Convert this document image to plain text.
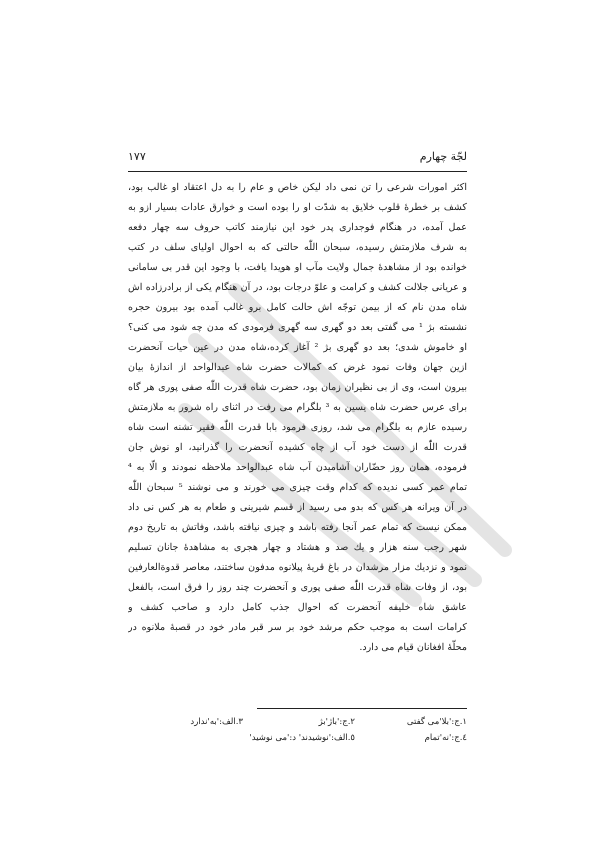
لجّة چهارم
١٧٧
اکثر امورات شرعی را تن نمی داد لیکن خاص و عام را به دل اعتقاد او غالب بود،
کشف بر خطرهٔ قلوب خلایق به شدّت او را بوده است و خوارق عادات بسیار ازو به
عمل آمده، در هنگام فوجداری پدر خود این نیازمند کاتب حروف سه چهار دفعه
به شرف ملازمتش رسیده، سبحان اللّٰه حالتی که به احوال اولیای سلف در کتب
خوانده بود از مشاهدهٔ جمال ولایت مآب او هویدا یافت، با وجود این قدر بی سامانی
و عریانی جلالت کشف و کرامت و علوّ درجات بود، در آن هنگام یکی از برادرزاده اش
شاه مدن نام که از بیمن توجّه اش حالت کامل برو غالب آمده بود بیرون حجره
نشسته بژ ¹ می گفتی بعد دو گهری سه گهری فرمودی که مدن چه شود می کنی؟
او خاموش شدی؛ بعد دو گهری بژ ² آغاز کرده،شاه مدن در عین حیات آنحضرت
ازین جهان وفات نمود غرض که کمالات حضرت شاه عبدالواحد از اندازهٔ بیان
بیرون است، وی از بی نظیران زمان بود، حضرت شاه قدرت اللّٰه صفی پوری هر گاه
برای عرس حضرت شاه یسین به ³ بلگرام می رفت در اثنای راه شرور به ملازمتش
رسیده عازم به بلگرام می شد، روزی فرمود بابا قدرت اللّٰه فقیر تشنه است شاه
قدرت اللّٰه از دست خود آب از چاه کشیده آنحضرت را گذرانید، او نوش جان
فرموده، همان روز حضّاران آشامیدن آب شاه عبدالواحد ملاحظه نمودند و الّا به ⁴
تمام عمر کسی ندیده که کدام وقت چیزی می خورند و می نوشند ⁵ سبحان اللّٰه
در آن ویرانه هر کس که بدو می رسید از قسم شیرینی و طعام به هر کس نی داد
ممکن نیست که تمام عمر آنجا رفته باشد و چیزی نیافته باشد، وفاتش به تاریخ دوم
شهر رجب سنه هزار و یك صد و هشتاد و چهار هجری به مشاهدهٔ جانان تسلیم
نمود و نزدیك مزار مرشدان در باغ قریهٔ پیلانوه مدفون ساختند، معاصر قدوةالعارفین
بود، از وفات شاه قدرت اللّٰه صفی پوری و آنحضرت چند روز را فرق است، بالفعل
عاشق شاه خلیفه آنحضرت که احوال جذب کامل دارد و صاحب کشف و
کرامات است به موجب حکم مرشد خود بر سر قبر مادر خود در قصبهٔ ملانوه در
محلّهٔ افغانان قیام می دارد.
١.ج:'بلا'می گفتی
٢.ج:'باژ'بژ
٣.الف:'به'ندارد
٤.ج:'نه'تمام
٥.الف:'نوشیدند' د:'می نوشید'
